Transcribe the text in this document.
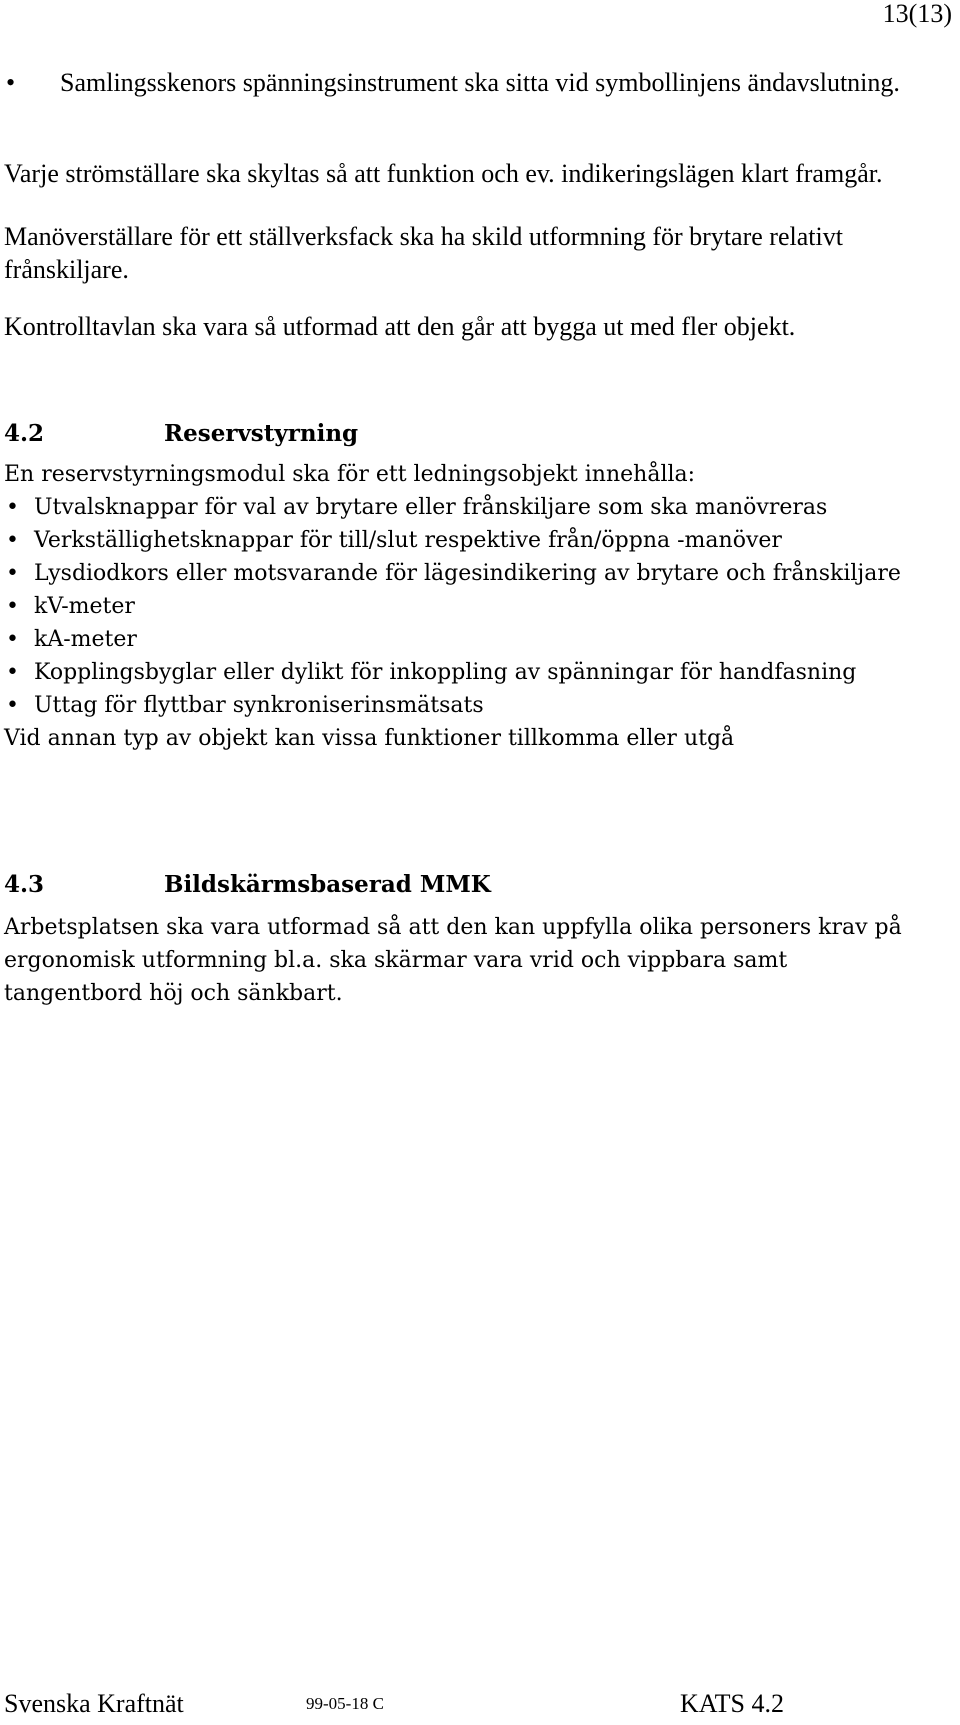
13(13)
• Samlingsskenors spänningsinstrument ska sitta vid symbollinjens ändavslutning.
Varje strömställare ska skyltas så att funktion och ev. indikeringslägen klart framgår.
Manöverställare för ett ställverksfack ska ha skild utformning för brytare relativt frånskiljare.
Kontrolltavlan ska vara så utformad att den går att bygga ut med fler objekt.
4.2	Reservstyrning
En reservstyrningsmodul ska för ett ledningsobjekt innehålla:
• Utvalsknappar för val av brytare eller frånskiljare som ska manövreras
• Verkställighetsknappar för till/slut respektive från/öppna -manöver
• Lysdiodkors eller motsvarande för lägesindikering av brytare och frånskiljare
• kV-meter
• kA-meter
• Kopplingsbyglar eller dylikt för inkoppling av spänningar för handfasning
• Uttag för flyttbar synkroniserinsmätsats
Vid annan typ av objekt kan vissa funktioner tillkomma eller utgå
4.3	Bildskärmsbaserad MMK
Arbetsplatsen ska vara utformad så att den kan uppfylla olika personers krav på ergonomisk utformning bl.a. ska skärmar vara vrid och vippbara samt tangentbord höj och sänkbart.
Svenska Kraftnät	99-05-18 C	KATS 4.2
